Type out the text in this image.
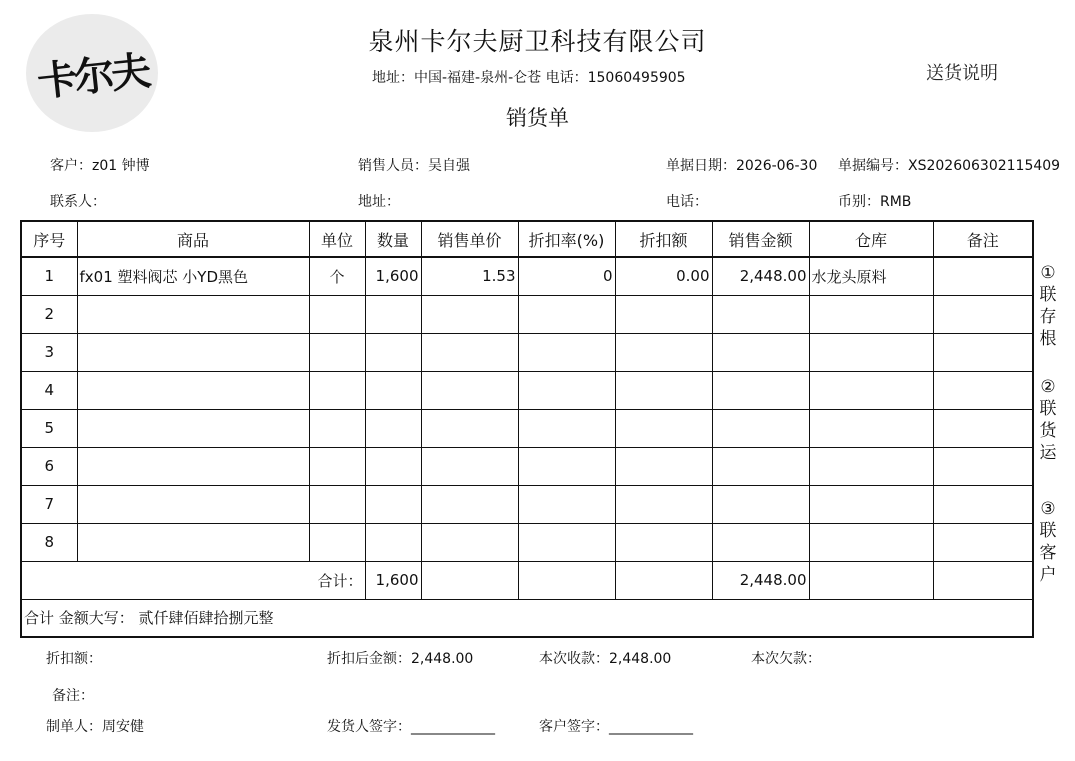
卡尔夫
泉州卡尔夫厨卫科技有限公司
地址：中国-福建-泉州-仑苍 电话：15060495905
销货单
送货说明
客户：z01 钟博	销售人员：吴自强	单据日期：2026-06-30 单据编号：XS202606302115409
联系人：	地址：	电话：	币别：RMB
序号	商品	单位	数量	销售单价	折扣率(%)	折扣额	销售金额	仓库	备注
1	fx01 塑料阀芯 小YD黑色	个	1,600	1.53	0	0.00	2,448.00	水龙头原料	
2									
3									
4									
5									
6									
7									
8									
合计：			1,600				2,448.00		
合计 金额大写： 贰仟肆佰肆拾捌元整									
①
联
存
根
②
联
货
运
③
联
客
户
折扣额：	折扣后金额：2,448.00	本次收款：2,448.00	本次欠款：
备注：
制单人：周安健	发货人签字：____________	客户签字：____________
